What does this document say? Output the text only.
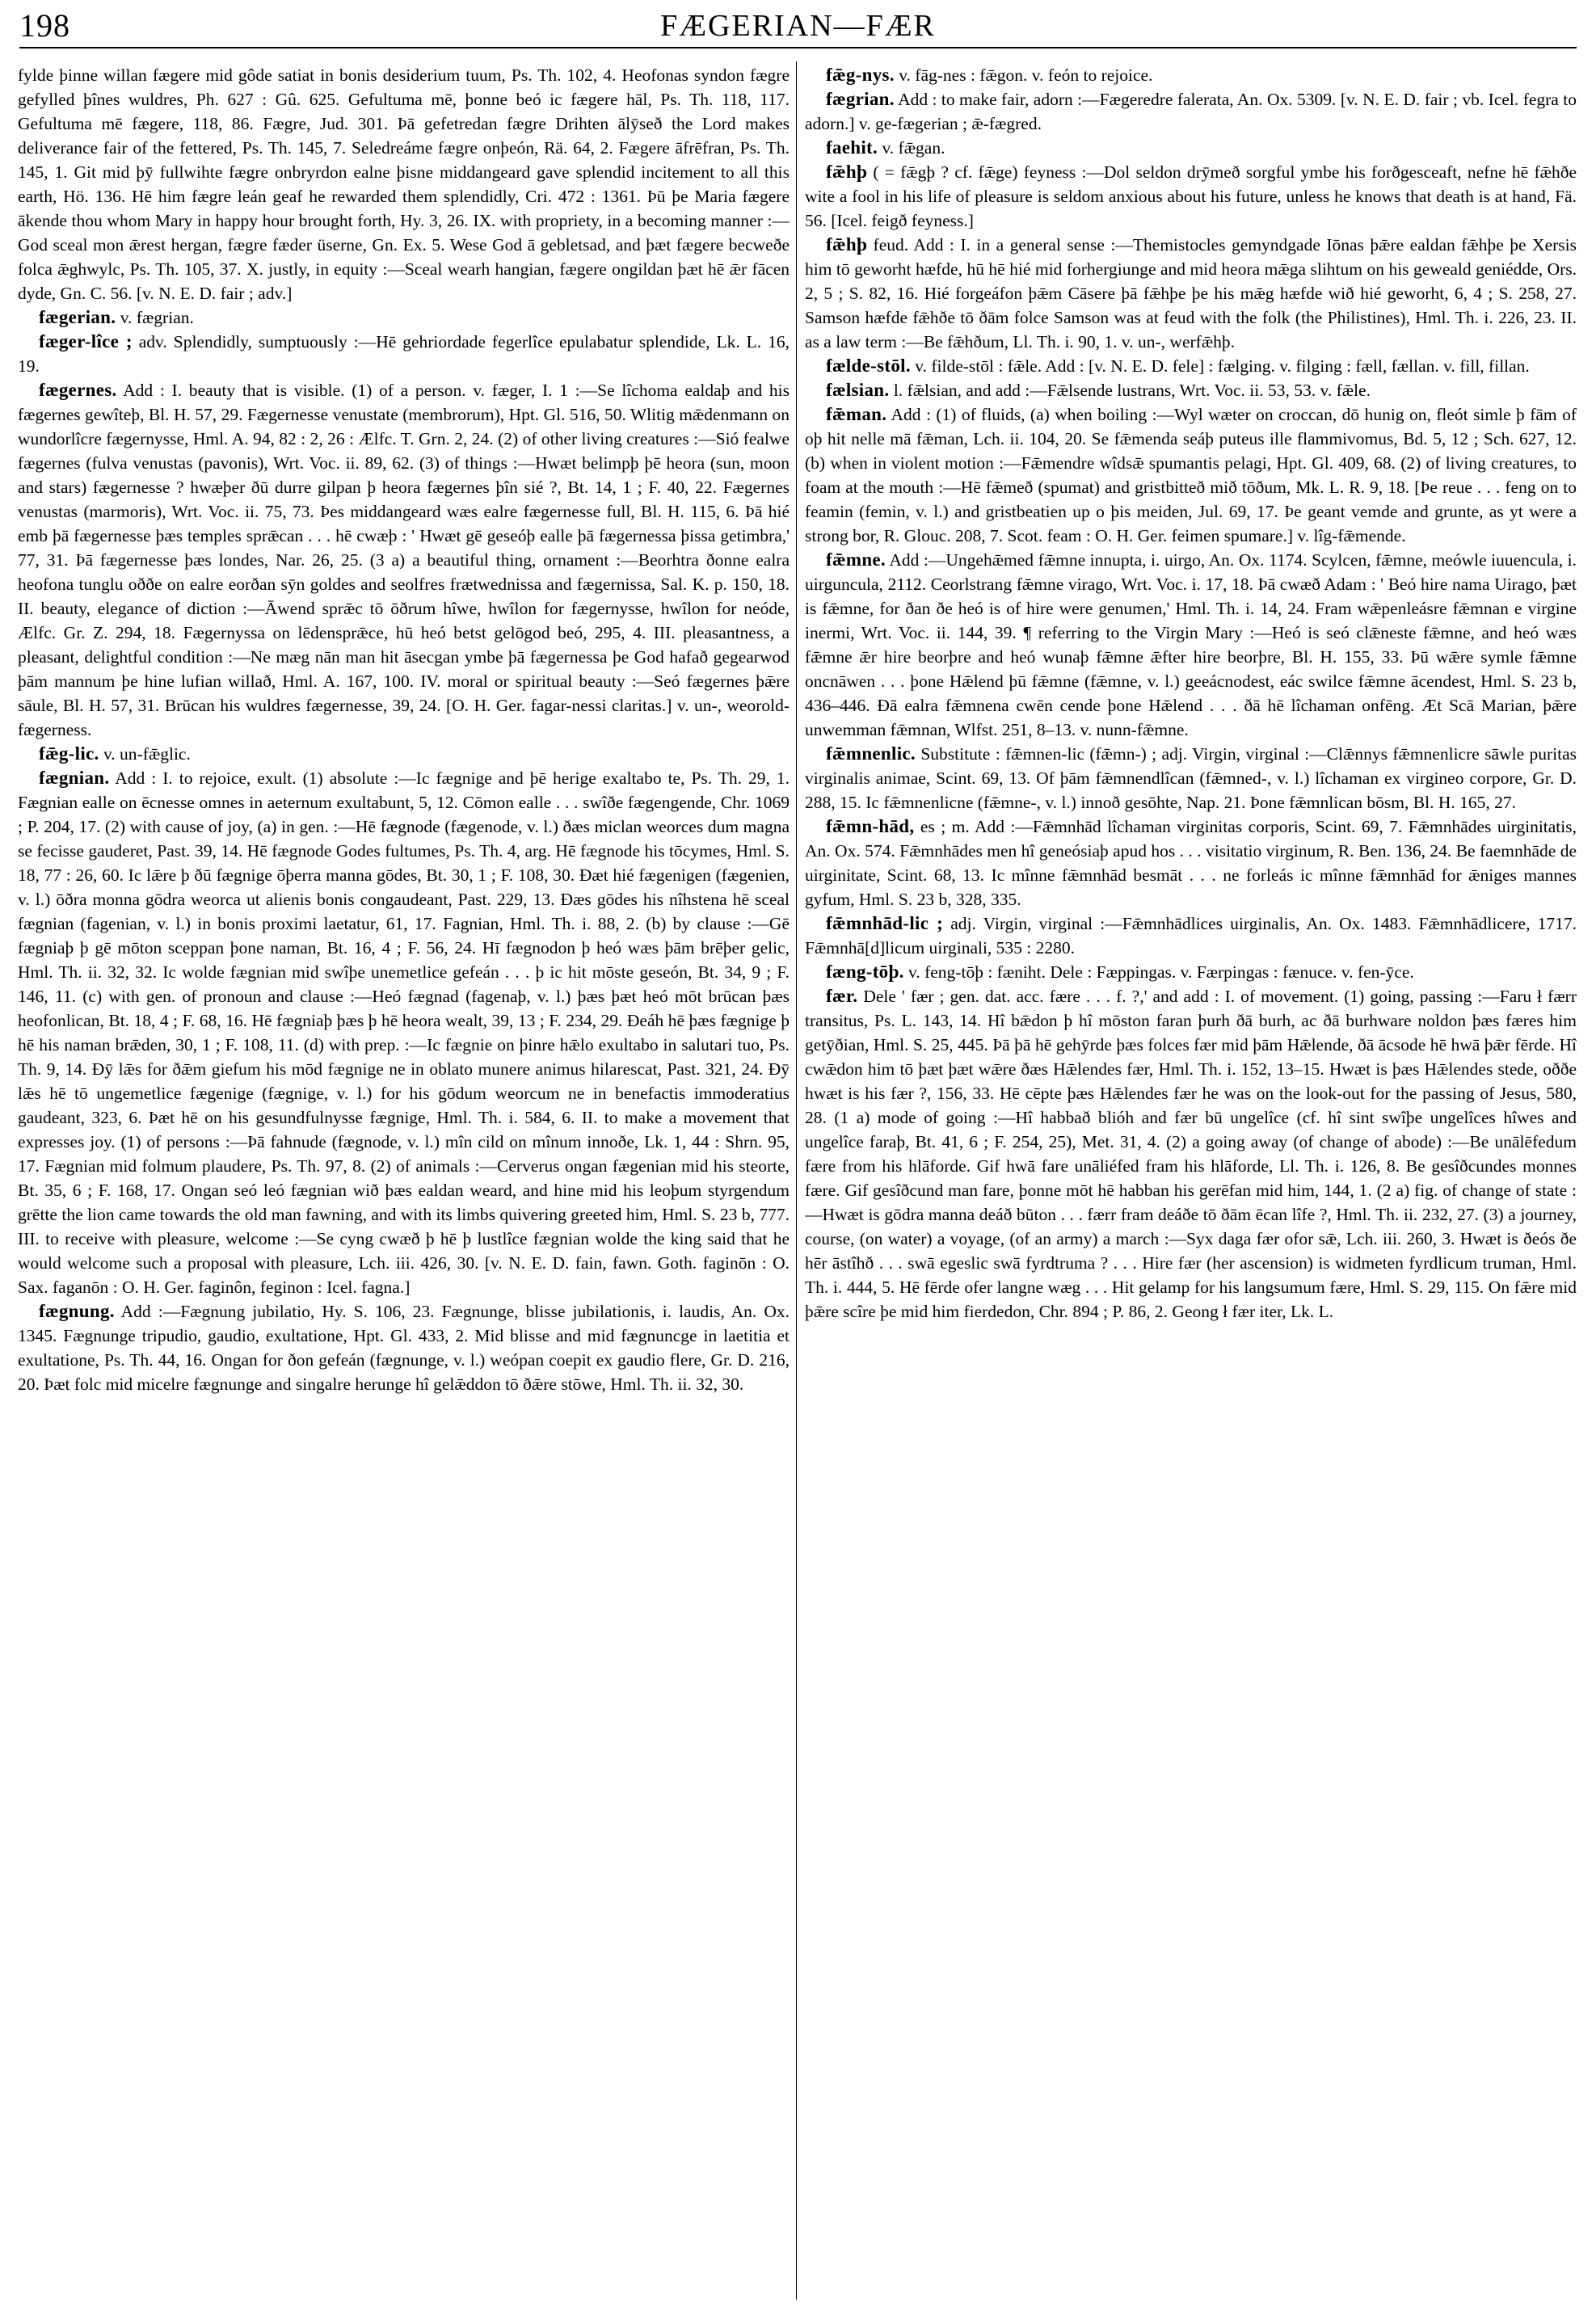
198	FÆGERIAN—FÆR

fylde þinne willan fægere mid gôde satiat in bonis desiderium tuum, Ps. Th. 102, 4. Heofonas syndon fægre gefylled þînes wuldres, Ph. 627 : Gû. 625. Gefultuma mē, þonne beó ic fægere hāl, Ps. Th. 118, 117. Gefultuma mē fægere, 118, 86. Fægre, Jud. 301. Þā gefetredan fægre Drihten ālȳseð the Lord makes deliverance fair of the fettered, Ps. Th. 145, 7. Seledreáme fægre onþeón, Rä. 64, 2. Fægere āfrēfran, Ps. Th. 145, 1. Git mid þȳ fullwihte fægre onbryrdon ealne þisne middangeard gave splendid incitement to all this earth, Hö. 136. Hē him fægre leán geaf he rewarded them splendidly, Cri. 472 : 1361. Þū þe Maria fægere ākende thou whom Mary in happy hour brought forth, Hy. 3, 26. IX. with propriety, in a becoming manner :—God sceal mon ǣrest hergan, fægre fæder üserne, Gn. Ex. 5. Wese God ā gebletsad, and þæt fægere becweðe folca ǣghwylc, Ps. Th. 105, 37. X. justly, in equity :—Sceal wearh hangian, fægere ongildan þæt hē ǣr fācen dyde, Gn. C. 56. [v. N. E. D. fair ; adv.]

fægerian. v. fægrian.

fæger-lîce ; adv. Splendidly, sumptuously :—Hē gehriordade fegerlîce epulabatur splendide, Lk. L. 16, 19.

fægernes. Add : I. beauty that is visible. (1) of a person. v. fæger, I. 1 :—Se lîchoma ealdaþ and his fægernes gewîteþ, Bl. H. 57, 29. Fægernesse venustate (membrorum), Hpt. Gl. 516, 50. Wlitig mǣdenmann on wundorlîcre fægernysse, Hml. A. 94, 82 : 2, 26 : Ælfc. T. Grn. 2, 24. (2) of other living creatures :—Sió fealwe fægernes (fulva venustas (pavonis), Wrt. Voc. ii. 89, 62. (3) of things :—Hwæt belimpþ þē heora (sun, moon and stars) fægernesse ? hwæþer ðū durre gilpan þ heora fægernes þîn sié ?, Bt. 14, 1 ; F. 40, 22. Fægernes venustas (marmoris), Wrt. Voc. ii. 75, 73. Þes middangeard wæs ealre fægernesse full, Bl. H. 115, 6. Þā hié emb þā fægernesse þæs temples sprǣcan . . . hē cwæþ : ' Hwæt gē geseóþ ealle þā fægernessa þissa getimbra,' 77, 31. Þā fægernesse þæs londes, Nar. 26, 25. (3 a) a beautiful thing, ornament :—Beorhtra ðonne ealra heofona tunglu oððe on ealre eorðan sȳn goldes and seolfres frætwednissa and fægernissa, Sal. K. p. 150, 18. II. beauty, elegance of diction :—Āwend sprǣc tō ōðrum hîwe, hwîlon for fægernysse, hwîlon for neóde, Ælfc. Gr. Z. 294, 18. Fægernyssa on lēdensprǣce, hū heó betst gelōgod beó, 295, 4. III. pleasantness, a pleasant, delightful condition :—Ne mæg nān man hit āsecgan ymbe þā fægernessa þe God hafað gegearwod þām mannum þe hine lufian willað, Hml. A. 167, 100. IV. moral or spiritual beauty :—Seó fægernes þǣre sāule, Bl. H. 57, 31. Brūcan his wuldres fægernesse, 39, 24. [O. H. Ger. fagar-nessi claritas.] v. un-, weorold-fægerness.

fǣg-lic. v. un-fǣglic.

fægnian. Add : I. to rejoice, exult. (1) absolute :—Ic fægnige and þē herige exaltabo te, Ps. Th. 29, 1. Fægnian ealle on ēcnesse omnes in aeternum exultabunt, 5, 12. Cōmon ealle . . . swîðe fægengende, Chr. 1069 ; P. 204, 17. (2) with cause of joy, (a) in gen. :—Hē fægnode (fægenode, v. l.) ðæs miclan weorces dum magna se fecisse gauderet, Past. 39, 14. Hē fægnode Godes fultumes, Ps. Th. 4, arg. Hē fægnode his tōcymes, Hml. S. 18, 77 : 26, 60. Ic lǣre þ ðū fægnige ōþerra manna gōdes, Bt. 30, 1 ; F. 108, 30. Ðæt hié fægenigen (fægenien, v. l.) ōðra monna gōdra weorca ut alienis bonis congaudeant, Past. 229, 13. Ðæs gōdes his nîhstena hē sceal fægnian (fagenian, v. l.) in bonis proximi laetatur, 61, 17. Fagnian, Hml. Th. i. 88, 2. (b) by clause :—Gē fægniaþ þ gē mōton sceppan þone naman, Bt. 16, 4 ; F. 56, 24. Hī fægnodon þ heó wæs þām brēþer gelic, Hml. Th. ii. 32, 32. Ic wolde fægnian mid swîþe unemetlice gefeán . . . þ ic hit mōste geseón, Bt. 34, 9 ; F. 146, 11. (c) with gen. of pronoun and clause :—Heó fægnad (fagenaþ, v. l.) þæs þæt heó mōt brūcan þæs heofonlican, Bt. 18, 4 ; F. 68, 16. Hē fægniaþ þæs þ hē heora wealt, 39, 13 ; F. 234, 29. Ðeáh hē þæs fægnige þ hē his naman brǣden, 30, 1 ; F. 108, 11. (d) with prep. :—Ic fægnie on þinre hǣlo exultabo in salutari tuo, Ps. Th. 9, 14. Ðȳ lǣs for ðǣm giefum his mōd fægnige ne in oblato munere animus hilarescat, Past. 321, 24. Ðȳ lǣs hē tō ungemetlice fægenige (fægnige, v. l.) for his gōdum weorcum ne in benefactis immoderatius gaudeant, 323, 6. Þæt hē on his gesundfulnysse fægnige, Hml. Th. i. 584, 6. II. to make a movement that expresses joy. (1) of persons :—Þā fahnude (fægnode, v. l.) mîn cild on mînum innoðe, Lk. 1, 44 : Shrn. 95, 17. Fægnian mid folmum plaudere, Ps. Th. 97, 8. (2) of animals :—Cerverus ongan fægenian mid his steorte, Bt. 35, 6 ; F. 168, 17. Ongan seó leó fægnian wið þæs ealdan weard, and hine mid his leoþum styrgendum grētte the lion came towards the old man fawning, and with its limbs quivering greeted him, Hml. S. 23 b, 777. III. to receive with pleasure, welcome :—Se cyng cwæð þ hē þ lustlîce fægnian wolde the king said that he would welcome such a proposal with pleasure, Lch. iii. 426, 30. [v. N. E. D. fain, fawn. Goth. faginōn : O. Sax. faganōn : O. H. Ger. faginôn, feginon : Icel. fagna.]

fægnung. Add :—Fægnung jubilatio, Hy. S. 106, 23. Fægnunge, blisse jubilationis, i. laudis, An. Ox. 1345. Fægnunge tripudio, gaudio, exultatione, Hpt. Gl. 433, 2. Mid blisse and mid fægnuncge in laetitia et exultatione, Ps. Th. 44, 16. Ongan for ðon gefeán (fægnunge, v. l.) weópan coepit ex gaudio flere, Gr. D. 216, 20. Þæt folc mid micelre fægnunge and singalre herunge hî gelǣddon tō ðǣre stōwe, Hml. Th. ii. 32, 30.

fǣg-nys. v. fāg-nes : fǣgon. v. feón to rejoice.

fægrian. Add : to make fair, adorn :—Fægeredre falerata, An. Ox. 5309. [v. N. E. D. fair ; vb. Icel. fegra to adorn.] v. ge-fægerian ; ǣ-fægred.

faehit. v. fǣgan.

fǣhþ ( = fǣgþ ? cf. fǣge) feyness :—Dol seldon drȳmeð sorgful ymbe his forðgesceaft, nefne hē fǣhðe wite a fool in his life of pleasure is seldom anxious about his future, unless he knows that death is at hand, Fä. 56. [Icel. feigð feyness.]

fǣhþ feud. Add : I. in a general sense :—Themistocles gemyndgade Iōnas þǣre ealdan fǣhþe þe Xersis him tō geworht hæfde, hū hē hié mid forhergiunge and mid heora mǣga slihtum on his geweald geniédde, Ors. 2, 5 ; S. 82, 16. Hié forgeáfon þǣm Cāsere þā fǣhþe þe his mǣg hæfde wið hié geworht, 6, 4 ; S. 258, 27. Samson hæfde fǣhðe tō ðām folce Samson was at feud with the folk (the Philistines), Hml. Th. i. 226, 23. II. as a law term :—Be fǣhðum, Ll. Th. i. 90, 1. v. un-, werfǣhþ.

fælde-stōl. v. filde-stōl : fǣle. Add : [v. N. E. D. fele] : fælging. v. filging : fæll, fællan. v. fill, fillan.

fælsian. l. fǣlsian, and add :—Fǣlsende lustrans, Wrt. Voc. ii. 53, 53. v. fǣle.

fǣman. Add : (1) of fluids, (a) when boiling :—Wyl wæter on croccan, dō hunig on, fleót simle þ fām of oþ hit nelle mā fǣman, Lch. ii. 104, 20. Se fǣmenda seáþ puteus ille flammivomus, Bd. 5, 12 ; Sch. 627, 12. (b) when in violent motion :—Fǣmendre wîdsǣ spumantis pelagi, Hpt. Gl. 409, 68. (2) of living creatures, to foam at the mouth :—Hē fǣmeð (spumat) and gristbitteð mið tōðum, Mk. L. R. 9, 18. [Þe reue . . . feng on to feamin (femin, v. l.) and gristbeatien up o þis meiden, Jul. 69, 17. Þe geant vemde and grunte, as yt were a strong bor, R. Glouc. 208, 7. Scot. feam : O. H. Ger. feimen spumare.] v. lîg-fǣmende.

fǣmne. Add :—Ungehǣmed fǣmne innupta, i. uirgo, An. Ox. 1174. Scylcen, fǣmne, meówle iuuencula, i. uirguncula, 2112. Ceorlstrang fǣmne virago, Wrt. Voc. i. 17, 18. Þā cwæð Adam : ' Beó hire nama Uirago, þæt is fǣmne, for ðan ðe heó is of hire were genumen,' Hml. Th. i. 14, 24. Fram wǣpenleásre fǣmnan e virgine inermi, Wrt. Voc. ii. 144, 39. ¶ referring to the Virgin Mary :—Heó is seó clǣneste fǣmne, and heó wæs fǣmne ǣr hire beorþre and heó wunaþ fǣmne ǣfter hire beorþre, Bl. H. 155, 33. Þū wǣre symle fǣmne oncnāwen . . . þone Hǣlend þū fǣmne (fǣmne, v. l.) geeácnodest, eác swilce fǣmne ācendest, Hml. S. 23 b, 436–446. Ðā ealra fǣmnena cwēn cende þone Hǣlend . . . ðā hē lîchaman onfēng. Æt Scā Marian, þǣre unwemman fǣmnan, Wlfst. 251, 8–13. v. nunn-fǣmne.

fǣmnenlic. Substitute : fǣmnen-lic (fǣmn-) ; adj. Virgin, virginal :—Clǣnnys fǣmnenlicre sāwle puritas virginalis animae, Scint. 69, 13. Of þām fǣmnendlîcan (fǣmned-, v. l.) lîchaman ex virgineo corpore, Gr. D. 288, 15. Ic fǣmnenlicne (fǣmne-, v. l.) innoð gesōhte, Nap. 21. Þone fǣmnlican bōsm, Bl. H. 165, 27.

fǣmn-hād, es ; m. Add :—Fǣmnhād lîchaman virginitas corporis, Scint. 69, 7. Fǣmnhādes uirginitatis, An. Ox. 574. Fǣmnhādes men hî geneósiaþ apud hos . . . visitatio virginum, R. Ben. 136, 24. Be faemnhāde de uirginitate, Scint. 68, 13. Ic mînne fǣmnhād besmāt . . . ne forleás ic mînne fǣmnhād for ǣniges mannes gyfum, Hml. S. 23 b, 328, 335.

fǣmnhād-lic ; adj. Virgin, virginal :—Fǣmnhādlices uirginalis, An. Ox. 1483. Fǣmnhādlicere, 1717. Fǣmnhā[d]licum uirginali, 535 : 2280.

fæng-tōþ. v. feng-tōþ : fæniht. Dele : Fæppingas. v. Færpingas : fænuce. v. fen-ȳce.

fær. Dele ' fær ; gen. dat. acc. fære . . . f. ?,' and add : I. of movement. (1) going, passing :—Faru ł færr transitus, Ps. L. 143, 14. Hî bǣdon þ hî mōston faran þurh ðā burh, ac ðā burhware noldon þæs færes him getȳðian, Hml. S. 25, 445. Þā þā hē gehȳrde þæs folces fær mid þām Hǣlende, ðā ācsode hē hwā þǣr fērde. Hî cwǣdon him tō þæt þæt wǣre ðæs Hǣlendes fær, Hml. Th. i. 152, 13–15. Hwæt is þæs Hǣlendes stede, oððe hwæt is his fær ?, 156, 33. Hē cēpte þæs Hǣlendes fær he was on the look-out for the passing of Jesus, 580, 28. (1 a) mode of going :—Hî habbað blióh and fær bū ungelîce (cf. hî sint swîþe ungelîces hîwes and ungelîce faraþ, Bt. 41, 6 ; F. 254, 25), Met. 31, 4. (2) a going away (of change of abode) :—Be unālēfedum fære from his hlāforde. Gif hwā fare unāliéfed fram his hlāforde, Ll. Th. i. 126, 8. Be gesîðcundes monnes fære. Gif gesîðcund man fare, þonne mōt hē habban his gerēfan mid him, 144, 1. (2 a) fig. of change of state :—Hwæt is gōdra manna deáð būton . . . færr fram deáðe tō ðām ēcan lîfe ?, Hml. Th. ii. 232, 27. (3) a journey, course, (on water) a voyage, (of an army) a march :—Syx daga fær ofor sǣ, Lch. iii. 260, 3. Hwæt is ðeós ðe hēr āstîhð . . . swā egeslic swā fyrdtruma ? . . . Hire fær (her ascension) is widmeten fyrdlicum truman, Hml. Th. i. 444, 5. Hē fērde ofer langne wæg . . . Hit gelamp for his langsumum fære, Hml. S. 29, 115. On fǣre mid þǣre scîre þe mid him fierdedon, Chr. 894 ; P. 86, 2. Geong ł fær iter, Lk. L.
